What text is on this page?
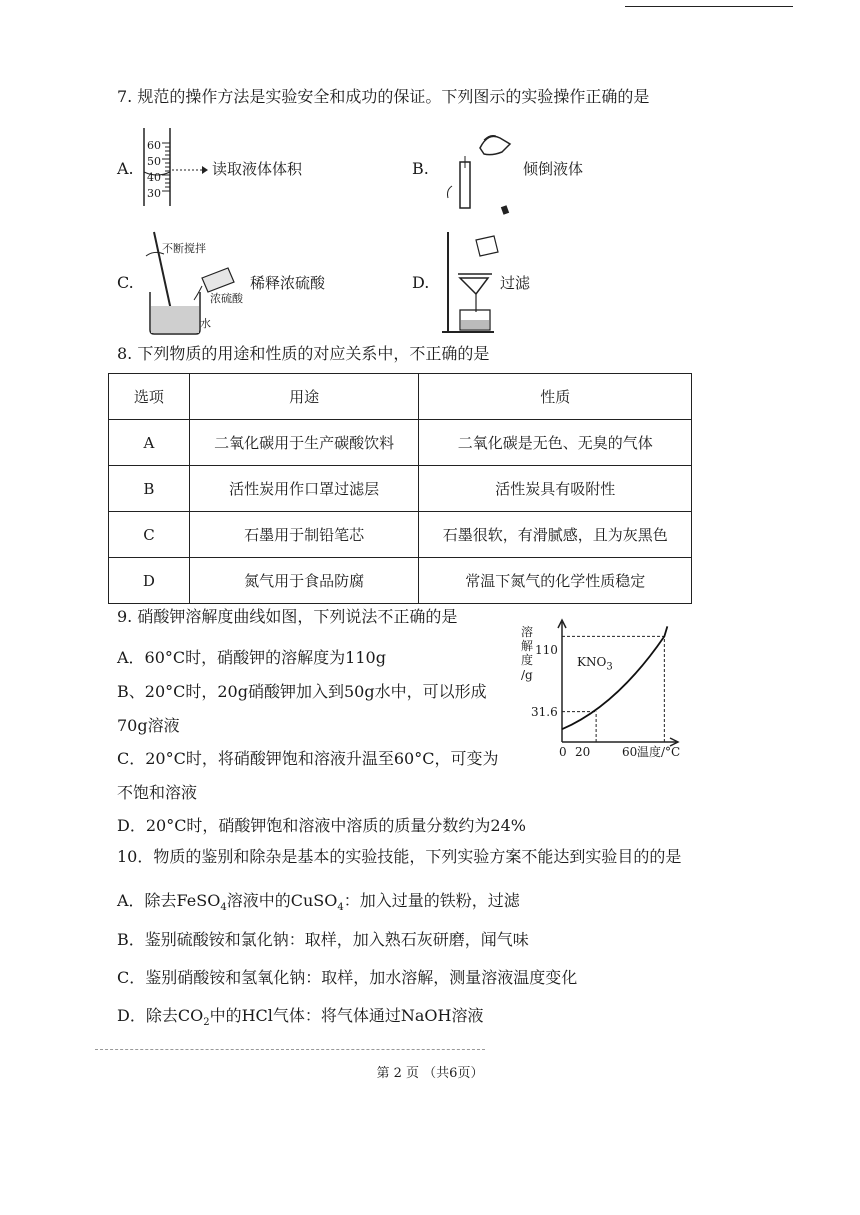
7. 规范的操作方法是实验安全和成功的保证。下列图示的实验操作正确的是
A.
60
50
40
30
读取液体体积	B.	倾倒液体
C.
不断搅拌
浓硫酸
水
稀释浓硫酸	D.	过滤
8. 下列物质的用途和性质的对应关系中，不正确的是
选项	用途	性质
A	二氧化碳用于生产碳酸饮料	二氧化碳是无色、无臭的气体
B	活性炭用作口罩过滤层	活性炭具有吸附性
C	石墨用于制铅笔芯	石墨很软，有滑腻感，且为灰黑色
D	氮气用于食品防腐	常温下氮气的化学性质稳定
9. 硝酸钾溶解度曲线如图，下列说法不正确的是
A．60°C时，硝酸钾的溶解度为110g
B、20°C时，20g硝酸钾加入到50g水中，可以形成
70g溶液
C．20°C时，将硝酸钾饱和溶液升温至60°C，可变为
不饱和溶液
D．20°C时，硝酸钾饱和溶液中溶质的质量分数约为24%
溶
解
度
/g
110
31.6
$KNO_3$
0 20	60 温度/°C
10．物质的鉴别和除杂是基本的实验技能，下列实验方案不能达到实验目的的是
A．除去FeSO$_4$溶液中的CuSO$_4$：加入过量的铁粉，过滤
B．鉴别硫酸铵和氯化钠：取样，加入熟石灰研磨，闻气味
C．鉴别硝酸铵和氢氧化钠：取样，加水溶解，测量溶液温度变化
D．除去$CO_2$中的HCl气体：将气体通过NaOH溶液
第 2 页 （共6页）
